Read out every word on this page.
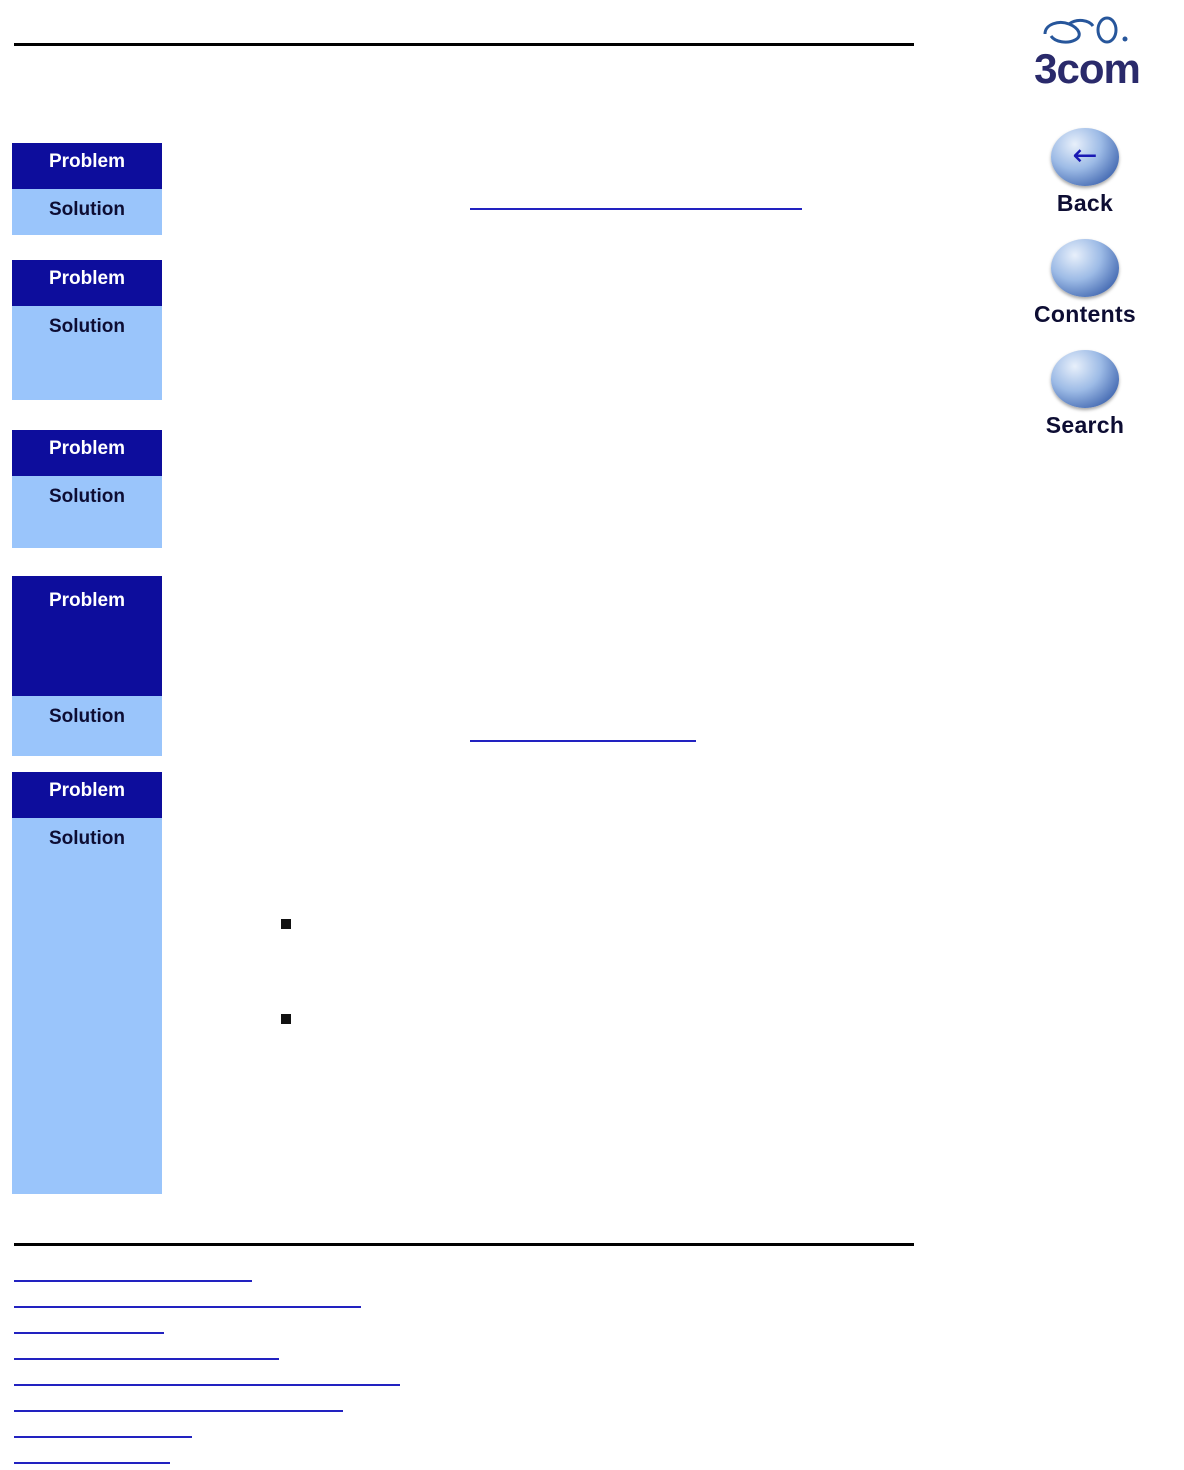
3com
←
Back
Contents
Search
Problem
Solution
Problem
Solution
Problem
Solution
Problem
Solution
Problem
Solution
